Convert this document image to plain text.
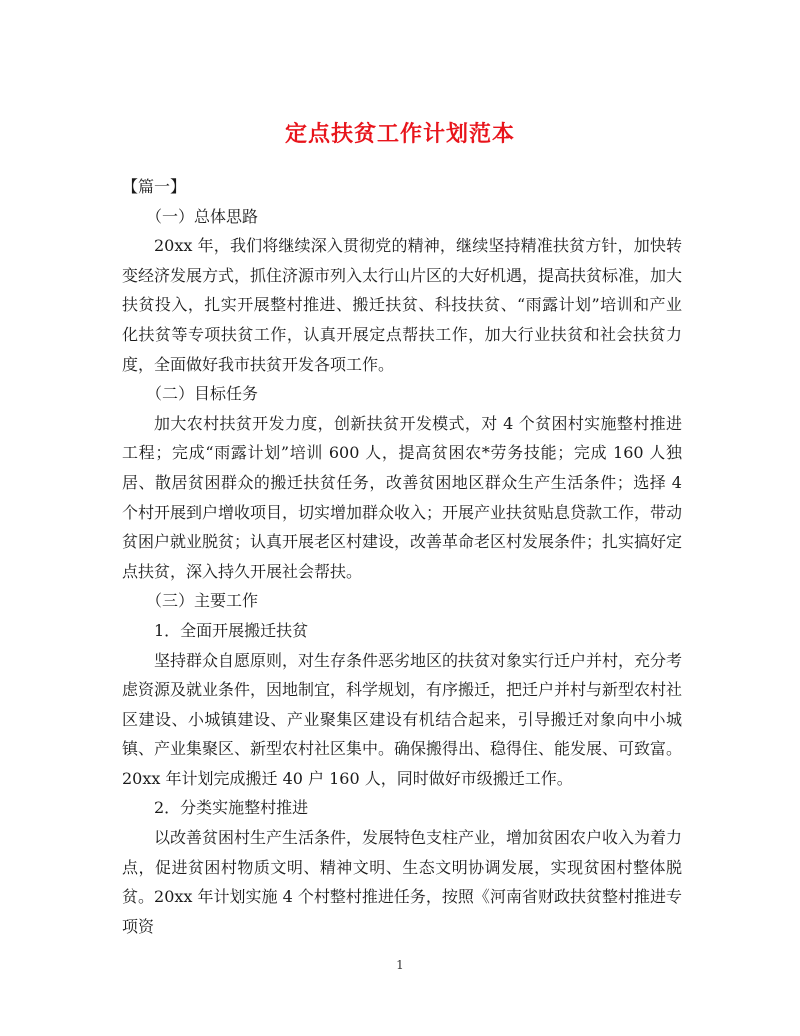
定点扶贫工作计划范本

【篇一】

（一）总体思路

20xx 年，我们将继续深入贯彻党的精神，继续坚持精准扶贫方针，加快转变经济发展方式，抓住济源市列入太行山片区的大好机遇，提高扶贫标准，加大扶贫投入，扎实开展整村推进、搬迁扶贫、科技扶贫、“雨露计划”培训和产业化扶贫等专项扶贫工作，认真开展定点帮扶工作，加大行业扶贫和社会扶贫力度，全面做好我市扶贫开发各项工作。

（二）目标任务

加大农村扶贫开发力度，创新扶贫开发模式，对 4 个贫困村实施整村推进工程；完成“雨露计划”培训 600 人，提高贫困农*劳务技能；完成 160 人独居、散居贫困群众的搬迁扶贫任务，改善贫困地区群众生产生活条件；选择 4 个村开展到户增收项目，切实增加群众收入；开展产业扶贫贴息贷款工作，带动贫困户就业脱贫；认真开展老区村建设，改善革命老区村发展条件；扎实搞好定点扶贫，深入持久开展社会帮扶。

（三）主要工作

1．全面开展搬迁扶贫

坚持群众自愿原则，对生存条件恶劣地区的扶贫对象实行迁户并村，充分考虑资源及就业条件，因地制宜，科学规划，有序搬迁，把迁户并村与新型农村社区建设、小城镇建设、产业聚集区建设有机结合起来，引导搬迁对象向中小城镇、产业集聚区、新型农村社区集中。确保搬得出、稳得住、能发展、可致富。

20xx 年计划完成搬迁 40 户 160 人，同时做好市级搬迁工作。

2．分类实施整村推进

以改善贫困村生产生活条件，发展特色支柱产业，增加贫困农户收入为着力点，促进贫困村物质文明、精神文明、生态文明协调发展，实现贫困村整体脱贫。20xx 年计划实施 4 个村整村推进任务，按照《河南省财政扶贫整村推进专项资

1
